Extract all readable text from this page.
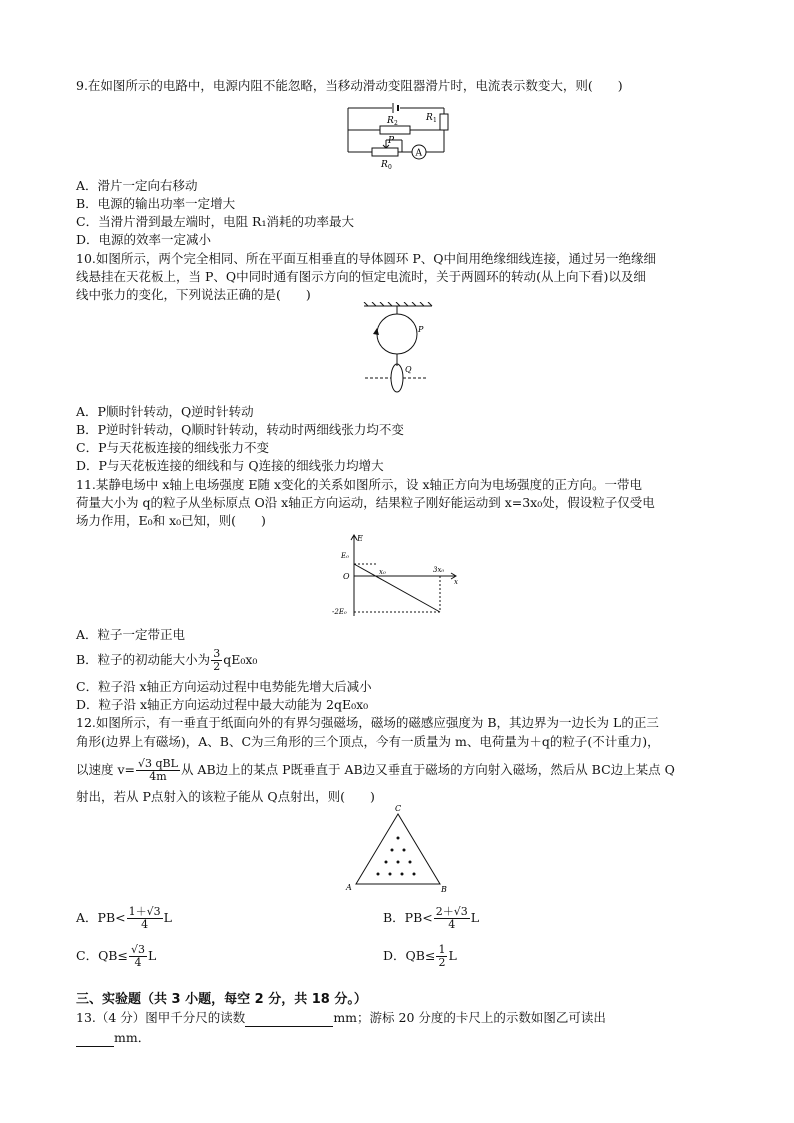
9.在如图所示的电路中，电源内阻不能忽略，当移动滑动变阻器滑片时，电流表示数变大，则(　　)
R 2
R 1
P
R 0
A
A．滑片一定向右移动
B．电源的输出功率一定增大
C．当滑片滑到最左端时，电阻 R₁消耗的功率最大
D．电源的效率一定减小
10.如图所示，两个完全相同、所在平面互相垂直的导体圆环 P、Q中间用绝缘细线连接，通过另一绝缘细
线悬挂在天花板上，当 P、Q中同时通有图示方向的恒定电流时，关于两圆环的转动(从上向下看)以及细
线中张力的变化，下列说法正确的是(　　)
P
Q
A．P顺时针转动，Q逆时针转动
B．P逆时针转动，Q顺时针转动，转动时两细线张力均不变
C．P与天花板连接的细线张力不变
D．P与天花板连接的细线和与 Q连接的细线张力均增大
11.某静电场中 x轴上电场强度 E随 x变化的关系如图所示，设 x轴正方向为电场强度的正方向。一带电
荷量大小为 q的粒子从坐标原点 O沿 x轴正方向运动，结果粒子刚好能运动到 x=3x₀处，假设粒子仅受电
场力作用，E₀和 x₀已知，则(　　)
E
E₀
O	x₀	3x₀
x
-2E₀
A．粒子一定带正电
B．粒子的初动能大小为 $\frac{3}{2} qE_0x_0$
C．粒子沿 x轴正方向运动过程中电势能先增大后减小
D．粒子沿 x轴正方向运动过程中最大动能为 2qE₀x₀
12.如图所示，有一垂直于纸面向外的有界匀强磁场，磁场的磁感应强度为 B，其边界为一边长为 L的正三
角形(边界上有磁场)，A、B、C为三角形的三个顶点，今有一质量为 m、电荷量为＋q的粒子(不计重力)，
以速度 $v= \frac{\text{√3 qBL}}{4m}$ 从 AB边上的某点 P既垂直于 AB边又垂直于磁场的方向射入磁场，然后从 BC边上某点 Q
射出，若从 P点射入的该粒子能从 Q点射出，则(　　)
C
A	B
A．$PB< \frac{1+√3}{4}$ L	B．$PB< \frac{2+√3}{4}$ L
C．$QB\le \frac{√3}{4}$ L	D．$QB\le \frac{1}{2}$ L
三、实验题（共 3 小题，每空 2 分，共 18 分。）
13.（4 分）图甲千分尺的读数	mm；游标 20 分度的卡尺上的示数如图乙可读出
mm．
